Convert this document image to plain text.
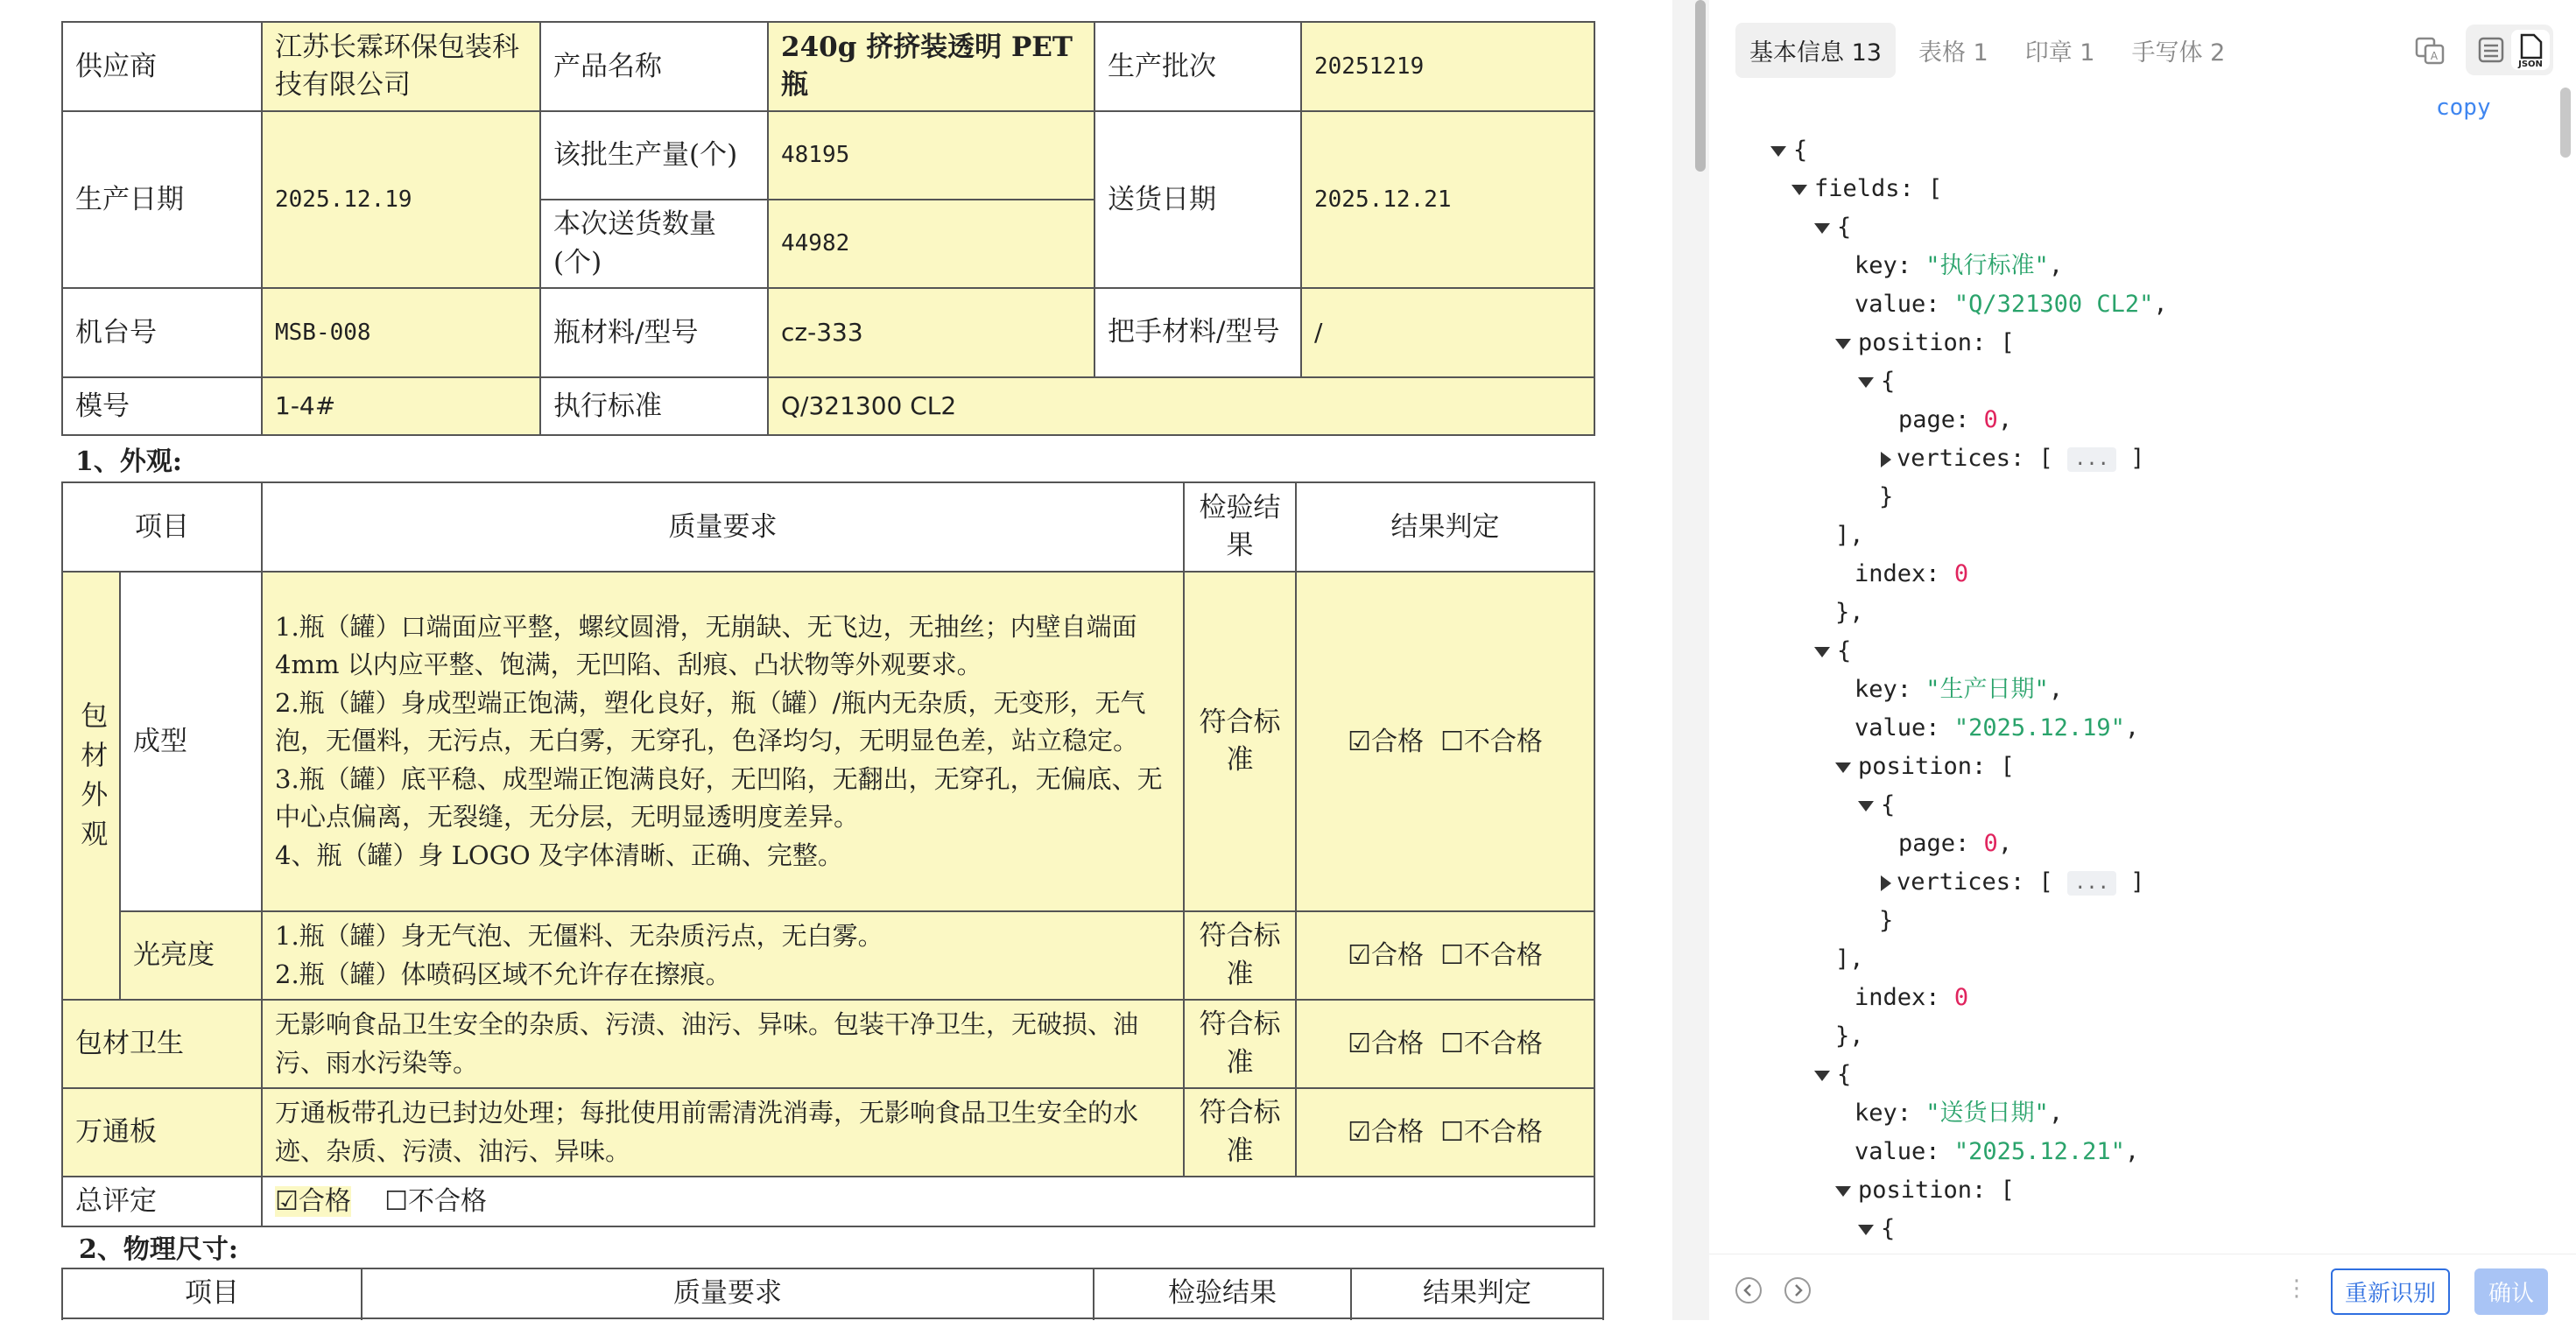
供应商	江苏长霖环保包装科技有限公司	产品名称	240g 挤挤装透明 PET瓶	生产批次	20251219
生产日期	2025.12.19	该批生产量(个)	48195	送货日期	2025.12.21
		本次送货数量(个)	44982		
机台号	MSB-008	瓶材料/型号	cz-333	把手材料/型号	/
模号	1-4#	执行标准	Q/321300 CL2		
1、外观:
项目		质量要求	检验结果	结果判定
包材外观	成型	1.瓶（罐）口端面应平整，螺纹圆滑，无崩缺、无飞边，无抽丝；内壁自端面 4mm 以内应平整、饱满，无凹陷、刮痕、凸状物等外观要求。
2.瓶（罐）身成型端正饱满，塑化良好，瓶（罐）/瓶内无杂质，无变形，无气泡，无僵料，无污点，无白雾，无穿孔，色泽均匀，无明显色差，站立稳定。
3.瓶（罐）底平稳、成型端正饱满良好，无凹陷，无翻出，无穿孔，无偏底、无中心点偏离，无裂缝，无分层，无明显透明度差异。
4、瓶（罐）身 LOGO 及字体清晰、正确、完整。	符合标准	☑合格 ☐不合格
	光亮度	1.瓶（罐）身无气泡、无僵料、无杂质污点，无白雾。
2.瓶（罐）体喷码区域不允许存在擦痕。	符合标准	☑合格 ☐不合格
包材卫生		无影响食品卫生安全的杂质、污渍、油污、异味。包装干净卫生，无破损、油污、雨水污染等。	符合标准	☑合格 ☐不合格
万通板		万通板带孔边已封边处理；每批使用前需清洗消毒，无影响食品卫生安全的水迹、杂质、污渍、油污、异味。	符合标准	☑合格 ☐不合格
总评定		☑合格 ☐不合格		
2、物理尺寸:
项目	质量要求	检验结果	结果判定

基本信息 13	表格 1	印章 1	手写体 2	A
JSON
copy
{
fields: [
{
key: "执行标准",
value: "Q/321300 CL2",
position: [
{
page: 0,
vertices: [ ... ]
}
],
index: 0
},
{
key: "生产日期",
value: "2025.12.19",
position: [
{
page: 0,
vertices: [ ... ]
}
],
index: 0
},
{
key: "送货日期",
value: "2025.12.21",
position: [
{
⋮	重新识别	确认
